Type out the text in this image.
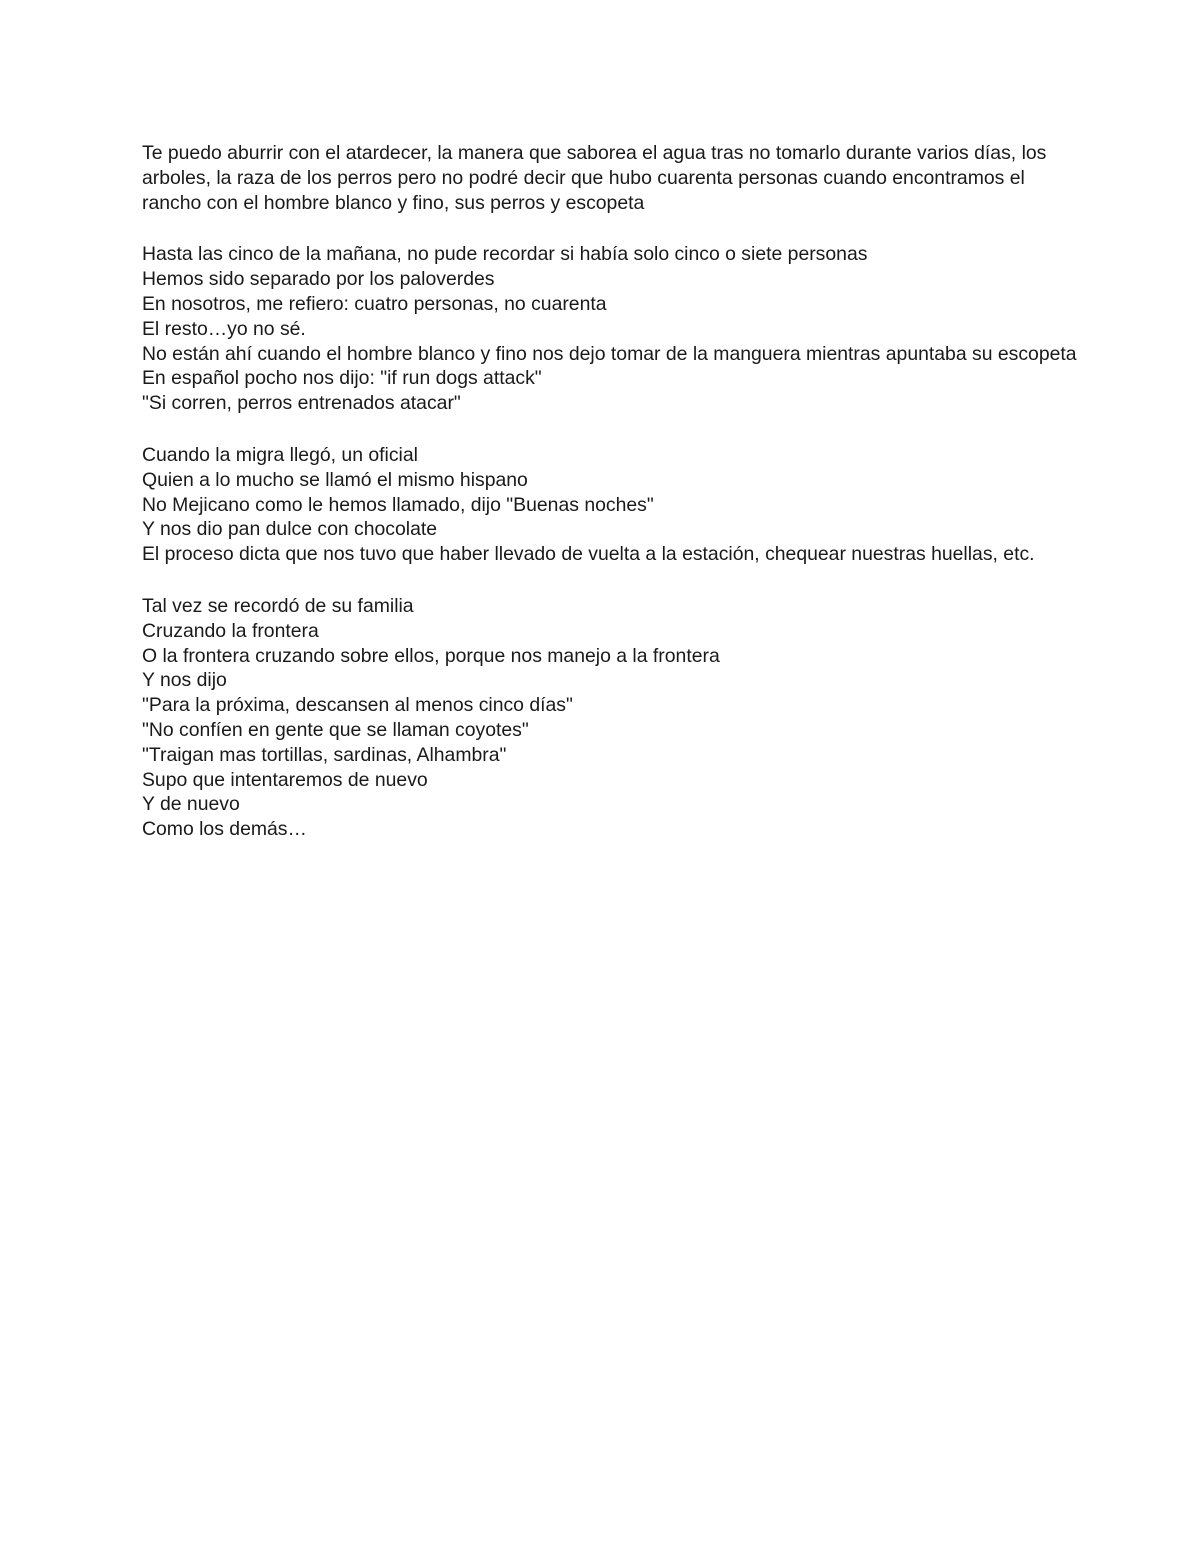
Te puedo aburrir con el atardecer, la manera que saborea el agua tras no tomarlo durante varios días, los arboles, la raza de los perros pero no podré decir que hubo cuarenta personas cuando encontramos el rancho con el hombre blanco y fino, sus perros y escopeta
Hasta las cinco de la mañana, no pude recordar si había solo cinco o siete personas
Hemos sido separado por los paloverdes
En nosotros, me refiero: cuatro personas, no cuarenta
El resto…yo no sé.
No están ahí cuando el hombre blanco y fino nos dejo tomar de la manguera mientras apuntaba su escopeta
En español pocho nos dijo: "if run dogs attack"
"Si corren, perros entrenados atacar"
Cuando la migra llegó, un oficial
Quien a lo mucho se llamó el mismo hispano
No Mejicano como le hemos llamado, dijo "Buenas noches"
Y nos dio pan dulce con chocolate
El proceso dicta que nos tuvo que haber llevado de vuelta a la estación, chequear nuestras huellas, etc.
Tal vez se recordó de su familia
Cruzando la frontera
O la frontera cruzando sobre ellos, porque nos manejo a la frontera
Y nos dijo
"Para la próxima, descansen al menos cinco días"
"No confíen en gente que se llaman coyotes"
"Traigan mas tortillas, sardinas, Alhambra"
Supo que intentaremos de nuevo
Y de nuevo
Como los demás…
